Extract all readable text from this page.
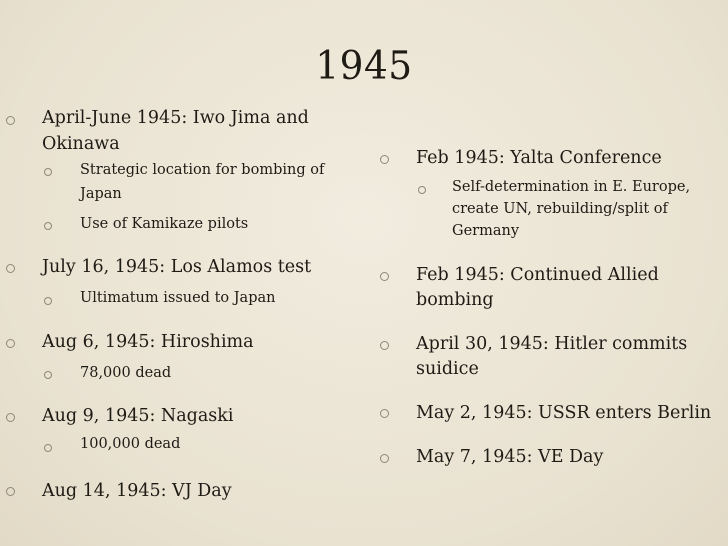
1945
April-June 1945: Iwo Jima and
Okinawa
Strategic location for bombing of
Japan
Use of Kamikaze pilots
July 16, 1945: Los Alamos test
Ultimatum issued to Japan
Aug 6, 1945: Hiroshima
78,000 dead
Aug 9, 1945: Nagaski
100,000 dead
Aug 14, 1945: VJ Day
Feb 1945: Yalta Conference
Self-determination in E. Europe,
create UN, rebuilding/split of
Germany
Feb 1945: Continued Allied
bombing
April 30, 1945: Hitler commits
suidice
May 2, 1945: USSR enters Berlin
May 7, 1945: VE Day
